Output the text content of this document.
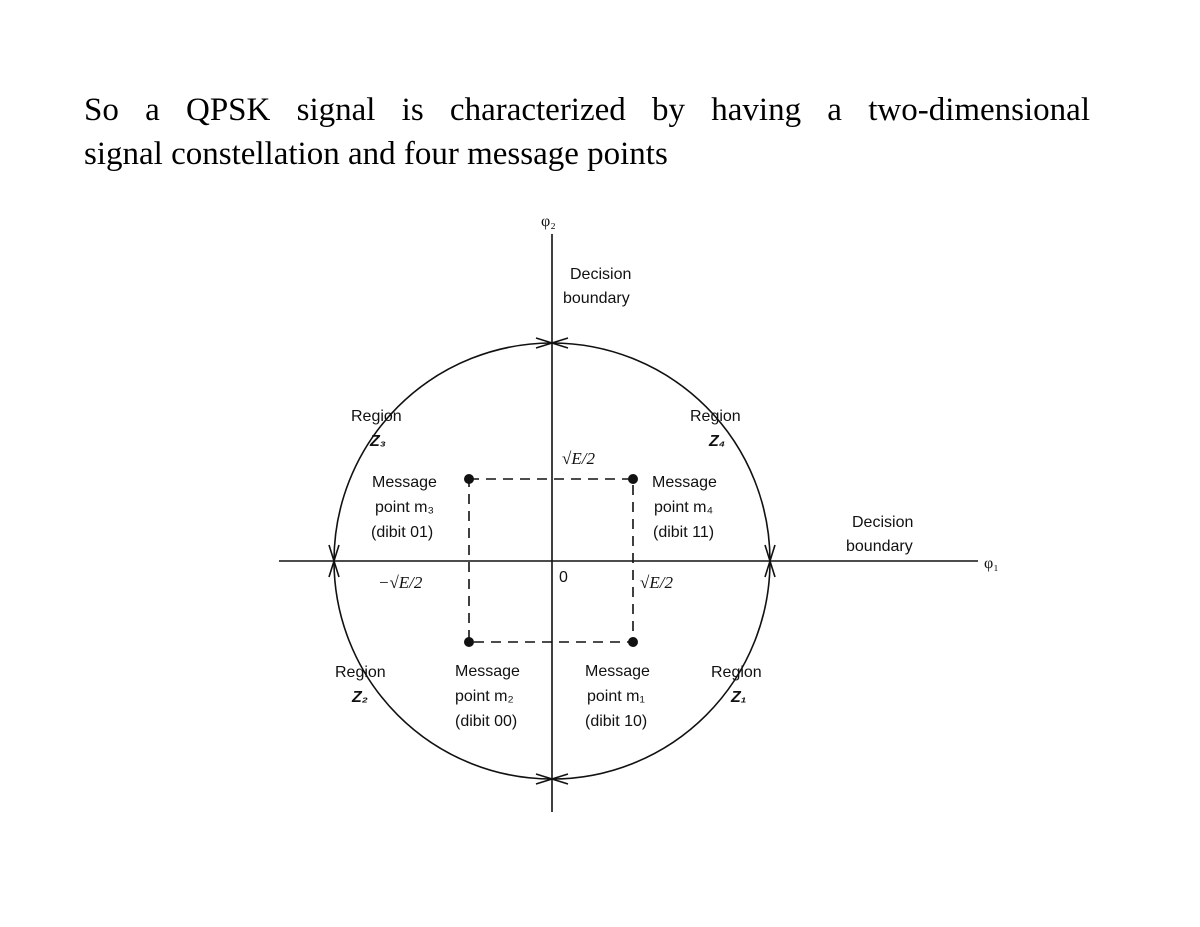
So a QPSK signal is characterized by having a two-dimensional
signal constellation and four message points
φ₂
φ₁
0
Decision
boundary
Decision
boundary
√E/2
√E/2
−√E/2
Region
Z₃
Region
Z₄
Region
Z₂
Region
Z₁
Message
point m₃
(dibit 01)
Message
point m₄
(dibit 11)
Message
point m₂
(dibit 00)
Message
point m₁
(dibit 10)
